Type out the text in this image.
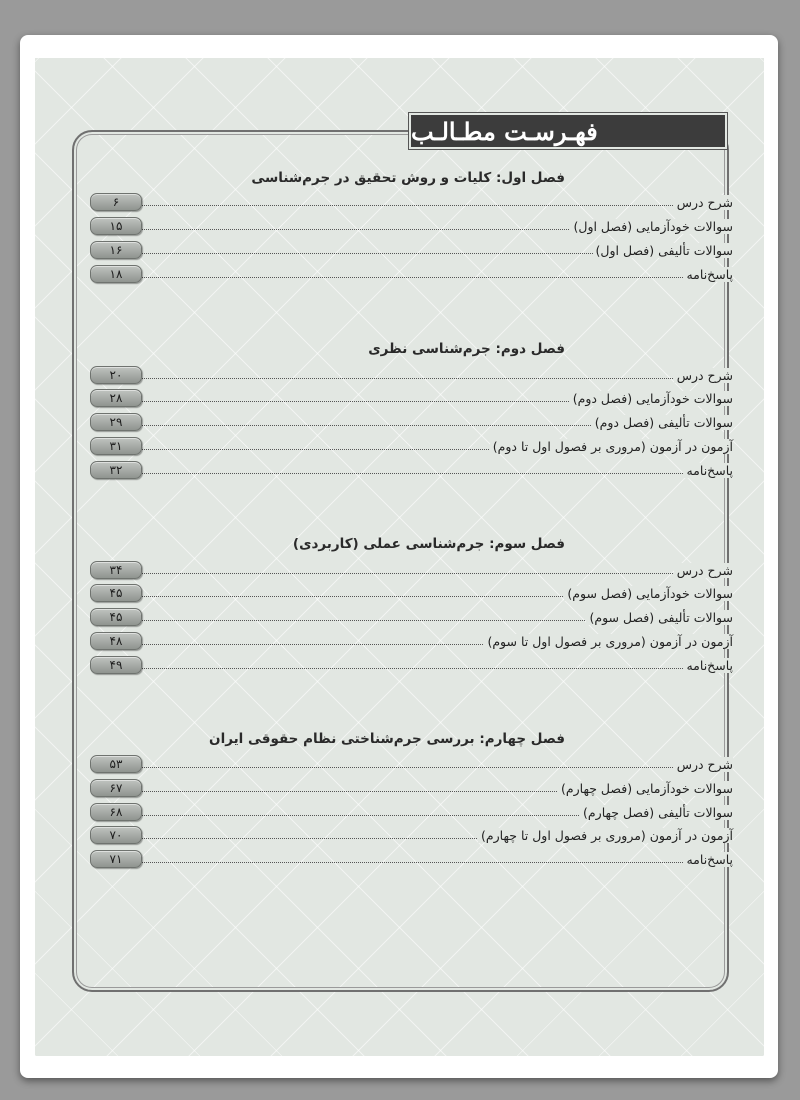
فهـرسـت مطـالـب
فصل اول: کلیات و روش تحقیق در جرم‌شناسی
شرح درس
۶
سوالات خودآزمایی (فصل اول)
۱۵
سوالات تألیفی (فصل اول)
۱۶
پاسخ‌نامه
۱۸
فصل دوم: جرم‌شناسی نظری
شرح درس
۲۰
سوالات خودآزمایی (فصل دوم)
۲۸
سوالات تألیفی (فصل دوم)
۲۹
آزمون در آزمون (مروری بر فصول اول تا دوم)
۳۱
پاسخ‌نامه
۳۲
فصل سوم: جرم‌شناسی عملی (کاربردی)
شرح درس
۳۴
سوالات خودآزمایی (فصل سوم)
۴۵
سوالات تألیفی (فصل سوم)
۴۵
آزمون در آزمون (مروری بر فصول اول تا سوم)
۴۸
پاسخ‌نامه
۴۹
فصل چهارم: بررسی جرم‌شناختی نظام حقوقی ایران
شرح درس
۵۳
سوالات خودآزمایی (فصل چهارم)
۶۷
سوالات تألیفی (فصل چهارم)
۶۸
آزمون در آزمون (مروری بر فصول اول تا چهارم)
۷۰
پاسخ‌نامه
۷۱
